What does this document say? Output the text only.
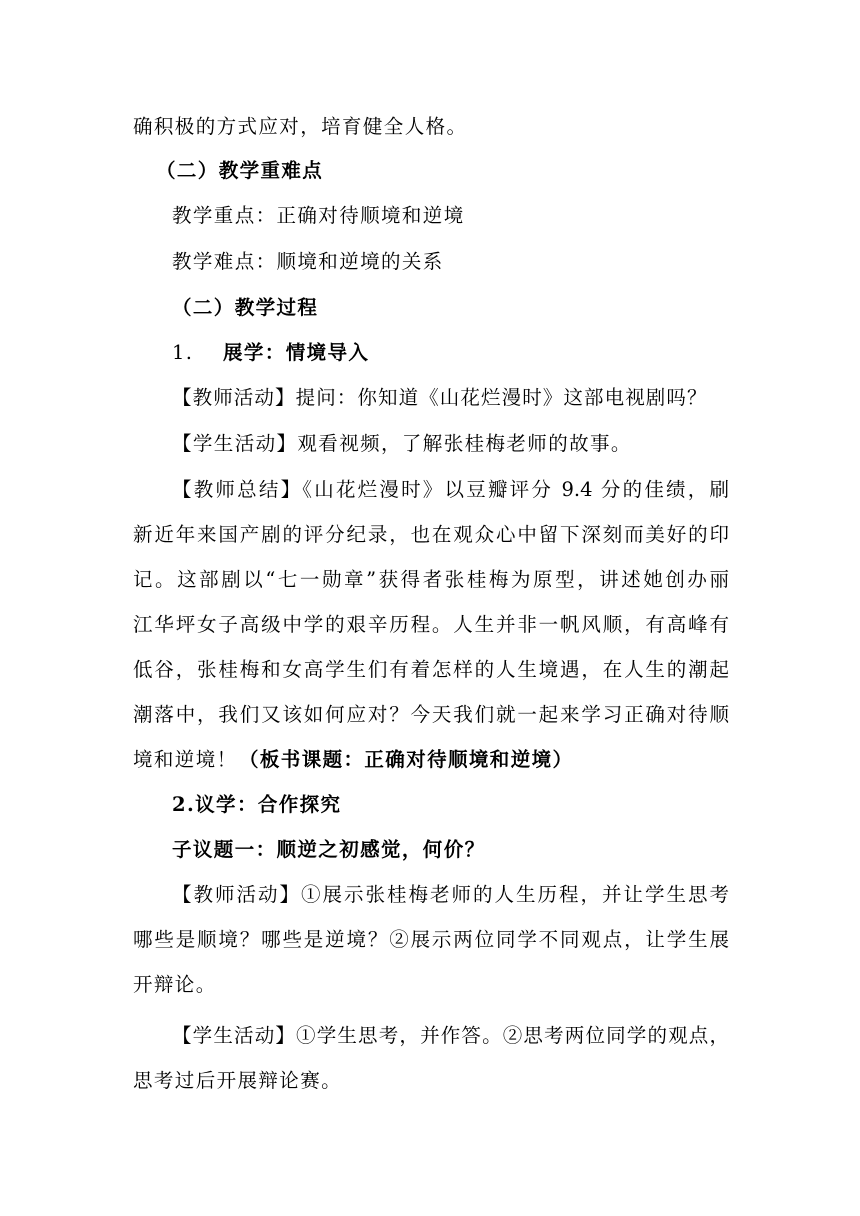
确积极的方式应对，培育健全人格。
（二）教学重难点
教学重点：正确对待顺境和逆境
教学难点：顺境和逆境的关系
（二）教学过程
1. 展学：情境导入
【教师活动】提问：你知道《山花烂漫时》这部电视剧吗？
【学生活动】观看视频，了解张桂梅老师的故事。
【教师总结】《山花烂漫时》以豆瓣评分 9.4 分的佳绩，刷
新近年来国产剧的评分纪录，也在观众心中留下深刻而美好的印
记。这部剧以“七一勋章”获得者张桂梅为原型，讲述她创办丽
江华坪女子高级中学的艰辛历程。人生并非一帆风顺，有高峰有
低谷，张桂梅和女高学生们有着怎样的人生境遇，在人生的潮起
潮落中，我们又该如何应对？今天我们就一起来学习正确对待顺
境和逆境！ （板书课题：正确对待顺境和逆境）
2.议学：合作探究
子议题一：顺逆之初感觉，何价？
【教师活动】①展示张桂梅老师的人生历程，并让学生思考
哪些是顺境？哪些是逆境？②展示两位同学不同观点，让学生展
开辩论。
【学生活动】①学生思考，并作答。②思考两位同学的观点，
思考过后开展辩论赛。
